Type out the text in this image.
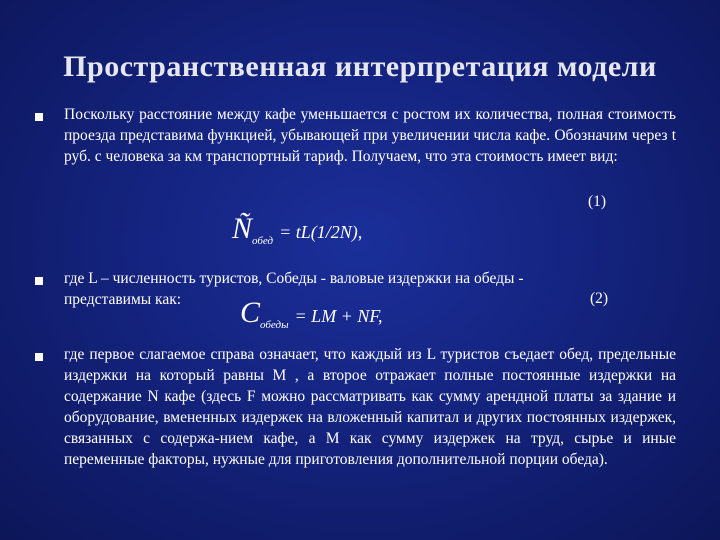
Пространственная интерпретация модели
Поскольку расстояние между кафе уменьшается с ростом их количества, полная стоимость проезда представима функцией, убывающей при увеличении числа кафе. Обозначим через t руб. с человека за км транспортный тариф. Получаем, что эта стоимость имеет вид:
(1)
$Ñ_{обед} = tL(1/2N)$,
где L – численность туристов, Собеды - валовые издержки на обеды - представимы как:	(2)
$C_{обеды}$ = LM + NF,
где первое слагаемое справа означает, что каждый из L туристов съедает обед, предельные издержки на который равны М , а второе отражает полные постоянные издержки на содержание N кафе (здесь F можно рассматривать как сумму арендной платы за здание и оборудование, вмененных издержек на вложенный капитал и других постоянных издержек, связанных с содержа-нием кафе, а М как сумму издержек на труд, сырье и иные переменные факторы, нужные для приготовления дополнительной порции обеда).
